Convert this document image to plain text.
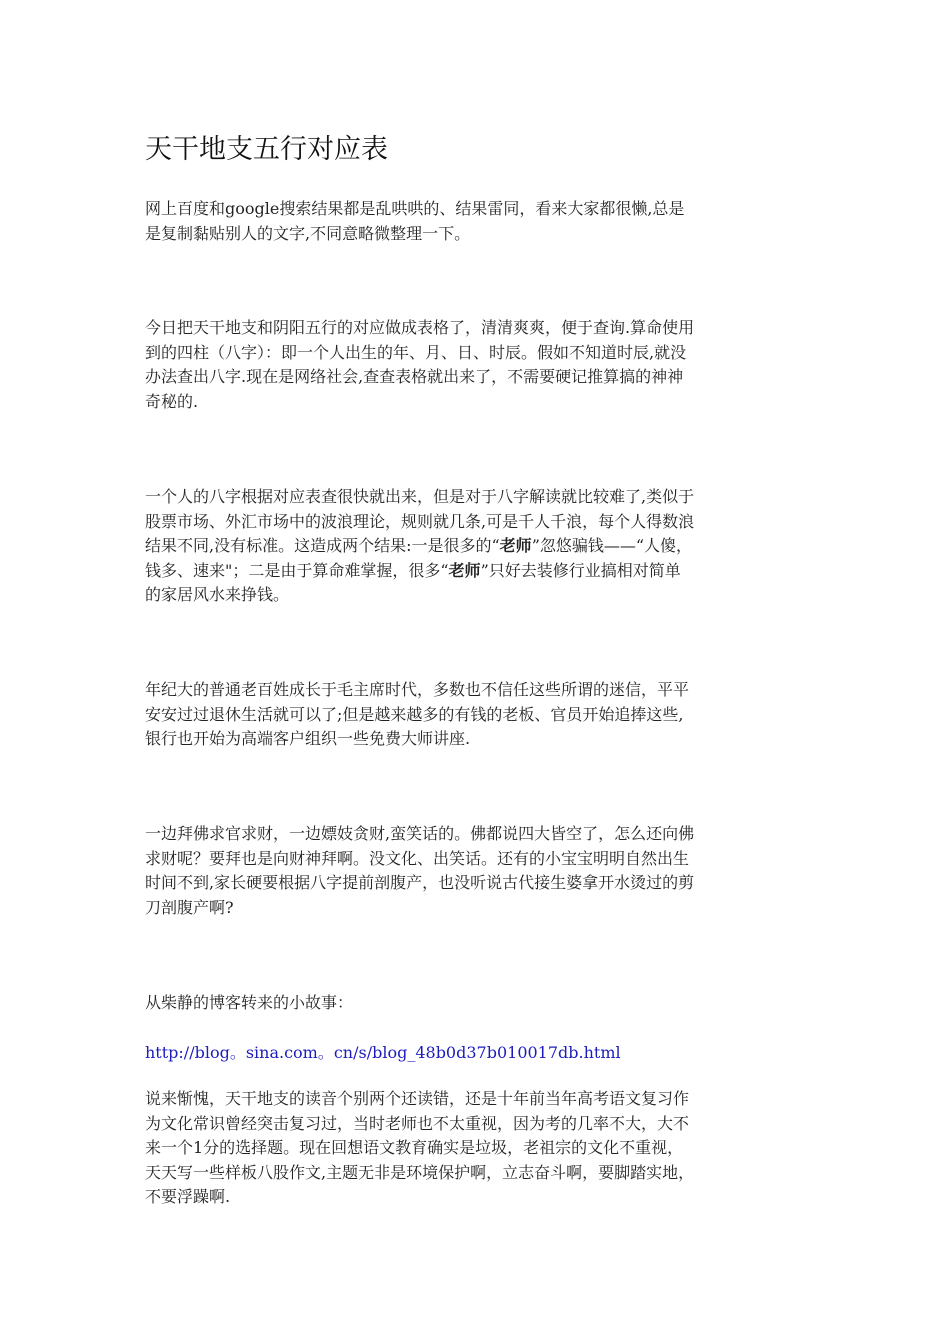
天干地支五行对应表

网上百度和google搜索结果都是乱哄哄的、结果雷同，看来大家都很懒,总是
是复制黏贴别人的文字,不同意略微整理一下。

今日把天干地支和阴阳五行的对应做成表格了，清清爽爽，便于查询.算命使用
到的四柱（八字）：即一个人出生的年、月、日、时辰。假如不知道时辰,就没
办法查出八字.现在是网络社会,查查表格就出来了，不需要硬记推算搞的神神
奇秘的.

一个人的八字根据对应表查很快就出来，但是对于八字解读就比较难了,类似于
股票市场、外汇市场中的波浪理论，规则就几条,可是千人千浪，每个人得数浪
结果不同,没有标准。这造成两个结果:一是很多的“老师”忽悠骗钱——“人傻，
钱多、速来"；二是由于算命难掌握，很多“老师”只好去装修行业搞相对简单
的家居风水来挣钱。

年纪大的普通老百姓成长于毛主席时代，多数也不信任这些所谓的迷信，平平
安安过过退休生活就可以了;但是越来越多的有钱的老板、官员开始追捧这些,
银行也开始为高端客户组织一些免费大师讲座.

一边拜佛求官求财，一边嫖妓贪财,蛮笑话的。佛都说四大皆空了，怎么还向佛
求财呢？要拜也是向财神拜啊。没文化、出笑话。还有的小宝宝明明自然出生
时间不到,家长硬要根据八字提前剖腹产，也没听说古代接生婆拿开水烫过的剪
刀剖腹产啊?

从柴静的博客转来的小故事：

http://blog。sina.com。cn/s/blog_48b0d37b010017db.html

说来惭愧，天干地支的读音个别两个还读错，还是十年前当年高考语文复习作
为文化常识曾经突击复习过，当时老师也不太重视，因为考的几率不大，大不
来一个1分的选择题。现在回想语文教育确实是垃圾，老祖宗的文化不重视，
天天写一些样板八股作文,主题无非是环境保护啊，立志奋斗啊，要脚踏实地，
不要浮躁啊.
